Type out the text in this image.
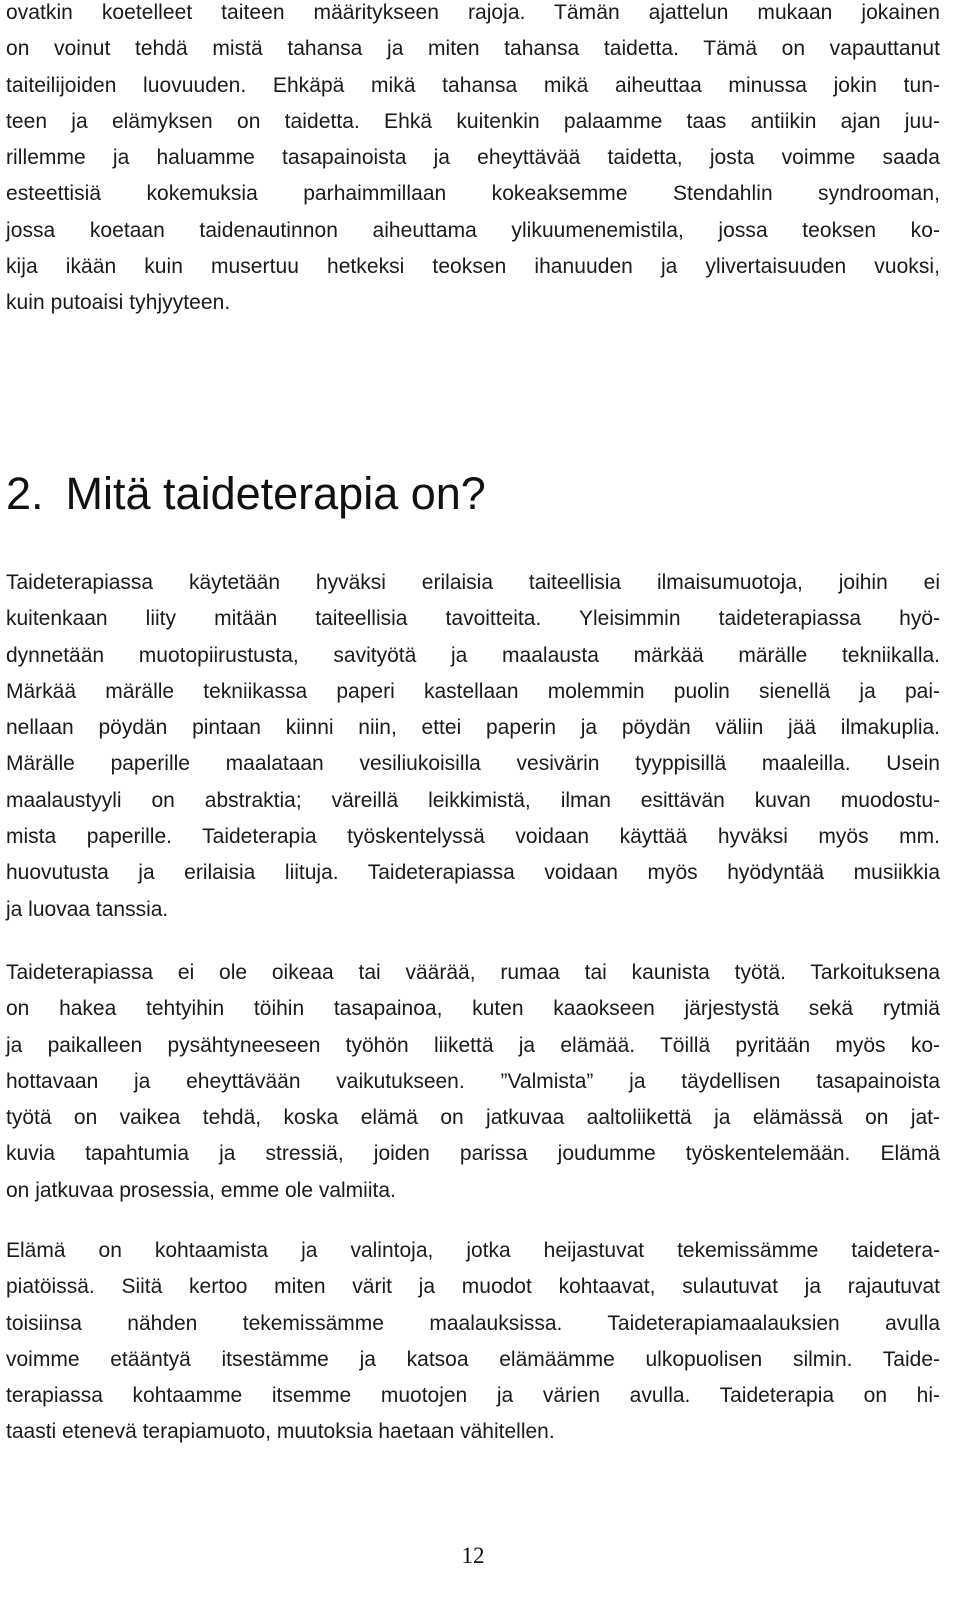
ovatkin koetelleet taiteen määritykseen rajoja. Tämän ajattelun mukaan jokainen
on voinut tehdä mistä tahansa ja miten tahansa taidetta. Tämä on vapauttanut
taiteilijoiden luovuuden. Ehkäpä mikä tahansa mikä aiheuttaa minussa jokin tun-
teen ja elämyksen on taidetta. Ehkä kuitenkin palaamme taas antiikin ajan juu-
rillemme ja haluamme tasapainoista ja eheyttävää taidetta, josta voimme saada
esteettisiä kokemuksia parhaimmillaan kokeaksemme Stendahlin syndrooman,
jossa koetaan taidenautinnon aiheuttama ylikuumenemistila, jossa teoksen ko-
kija ikään kuin musertuu hetkeksi teoksen ihanuuden ja ylivertaisuuden vuoksi,
kuin putoaisi tyhjyyteen.

2. Mitä taideterapia on?

Taideterapiassa käytetään hyväksi erilaisia taiteellisia ilmaisumuotoja, joihin ei
kuitenkaan liity mitään taiteellisia tavoitteita. Yleisimmin taideterapiassa hyö-
dynnetään muotopiirustusta, savityötä ja maalausta märkää märälle tekniikalla.
Märkää märälle tekniikassa paperi kastellaan molemmin puolin sienellä ja pai-
nellaan pöydän pintaan kiinni niin, ettei paperin ja pöydän väliin jää ilmakuplia.
Märälle paperille maalataan vesiliukoisilla vesivärin tyyppisillä maaleilla. Usein
maalaustyyli on abstraktia; väreillä leikkimistä, ilman esittävän kuvan muodostu-
mista paperille. Taideterapia työskentelyssä voidaan käyttää hyväksi myös mm.
huovutusta ja erilaisia liituja. Taideterapiassa voidaan myös hyödyntää musiikkia
ja luovaa tanssia.

Taideterapiassa ei ole oikeaa tai väärää, rumaa tai kaunista työtä. Tarkoituksena
on hakea tehtyihin töihin tasapainoa, kuten kaaokseen järjestystä sekä rytmiä
ja paikalleen pysähtyneeseen työhön liikettä ja elämää. Töillä pyritään myös ko-
hottavaan ja eheyttävään vaikutukseen. ”Valmista” ja täydellisen tasapainoista
työtä on vaikea tehdä, koska elämä on jatkuvaa aaltoliikettä ja elämässä on jat-
kuvia tapahtumia ja stressiä, joiden parissa joudumme työskentelemään. Elämä
on jatkuvaa prosessia, emme ole valmiita.

Elämä on kohtaamista ja valintoja, jotka heijastuvat tekemissämme taidetera-
piatöissä. Siitä kertoo miten värit ja muodot kohtaavat, sulautuvat ja rajautuvat
toisiinsa nähden tekemissämme maalauksissa. Taideterapiamaalauksien avulla
voimme etääntyä itsestämme ja katsoa elämäämme ulkopuolisen silmin. Taide-
terapiassa kohtaamme itsemme muotojen ja värien avulla. Taideterapia on hi-
taasti etenevä terapiamuoto, muutoksia haetaan vähitellen.

12
